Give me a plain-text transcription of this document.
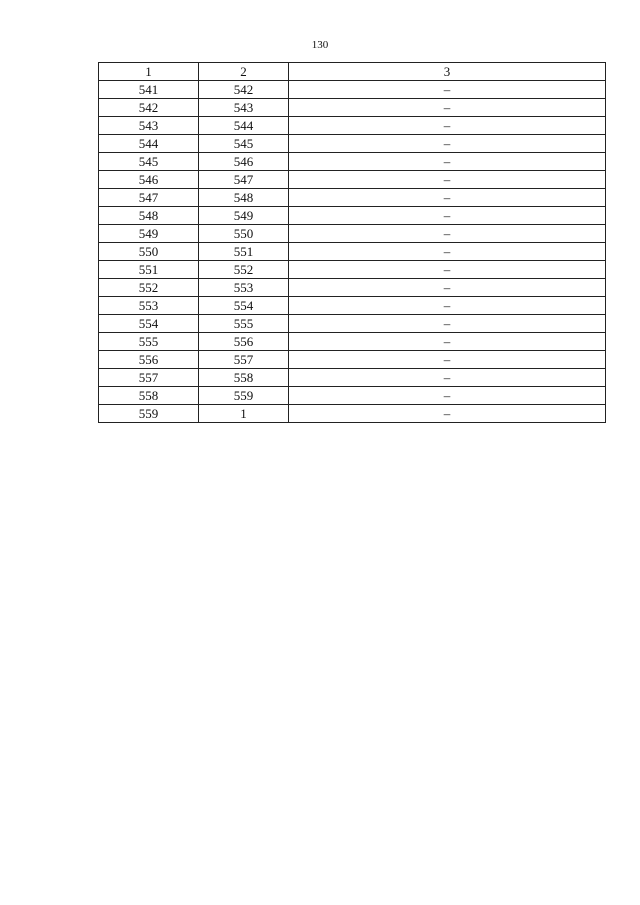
130
1	2	3
541	542	–
542	543	–
543	544	–
544	545	–
545	546	–
546	547	–
547	548	–
548	549	–
549	550	–
550	551	–
551	552	–
552	553	–
553	554	–
554	555	–
555	556	–
556	557	–
557	558	–
558	559	–
559	1	–
